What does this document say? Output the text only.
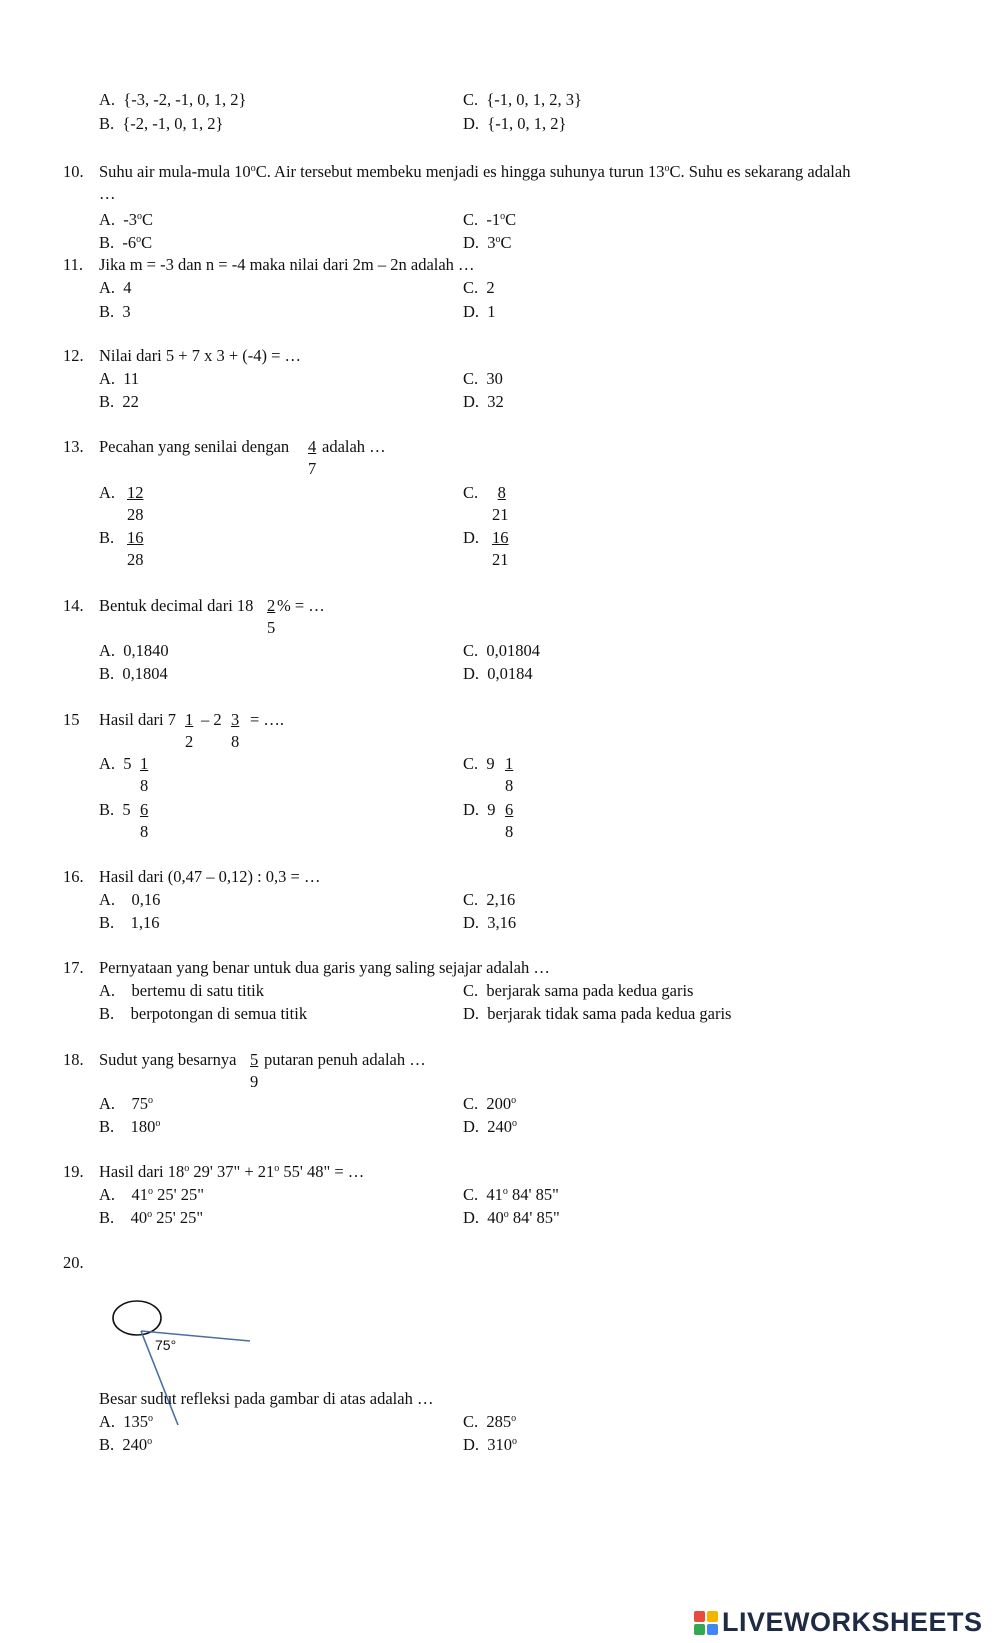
A. {-3, -2, -1, 0, 1, 2}
B. {-2, -1, 0, 1, 2}
C. {-1, 0, 1, 2, 3}
D. {-1, 0, 1, 2}
10. Suhu air mula-mula 10$^o$C. Air tersebut membeku menjadi es hingga suhunya turun 13$^o$C. Suhu es sekarang adalah
…
A. -3$^o$C
B. -6$^o$C
C. -1$^o$C
D. 3$^o$C
11. Jika m = -3 dan n = -4 maka nilai dari 2m – 2n adalah …
A. 4
B. 3
C. 2
D. 1
12. Nilai dari 5 + 7 x 3 + (-4) = …
A. 11
B. 22
C. 30
D. 32
13. Pecahan yang senilai dengan $\frac{4}{7}$ adalah …
A. $\frac{12}{28}$
B. $\frac{16}{28}$
C. $\frac{8}{21}$
D. $\frac{16}{21}$
14. Bentuk decimal dari $18 \frac{2}{5}$ % = …
A. 0,1840
B. 0,1804
C. 0,01804
D. 0,0184
15 Hasil dari $7 \frac{1}{2} - 2 \frac{3}{8}$ = ….
A. $5 \frac{1}{8}$
B. $5 \frac{6}{8}$
C. $9 \frac{1}{8}$
D. $9 \frac{6}{8}$
16. Hasil dari (0,47 – 0,12) : 0,3 = …
A. 0,16
B. 1,16
C. 2,16
D. 3,16
17. Pernyataan yang benar untuk dua garis yang saling sejajar adalah …
A. bertemu di satu titik
B. berpotongan di semua titik
C. berjarak sama pada kedua garis
D. berjarak tidak sama pada kedua garis
18. Sudut yang besarnya $\frac{5}{9}$ putaran penuh adalah …
A. 75$^o$
B. 180$^o$
C. 200$^o$
D. 240$^o$
19. Hasil dari 18$^o$ 29' 37" + $21^o$ 55' 48" = …
A. 41$^o$ 25' 25"
B. 40$^o$ 25' 25"
C. 41$^o$ 84' 85"
D. 40$^o$ 84' 85"
20.
75°
Besar sudut refleksi pada gambar di atas adalah …
A. 135$^o$
B. 240$^o$
C. 285$^o$
D. 310$^o$
LIVEWORKSHEETS
